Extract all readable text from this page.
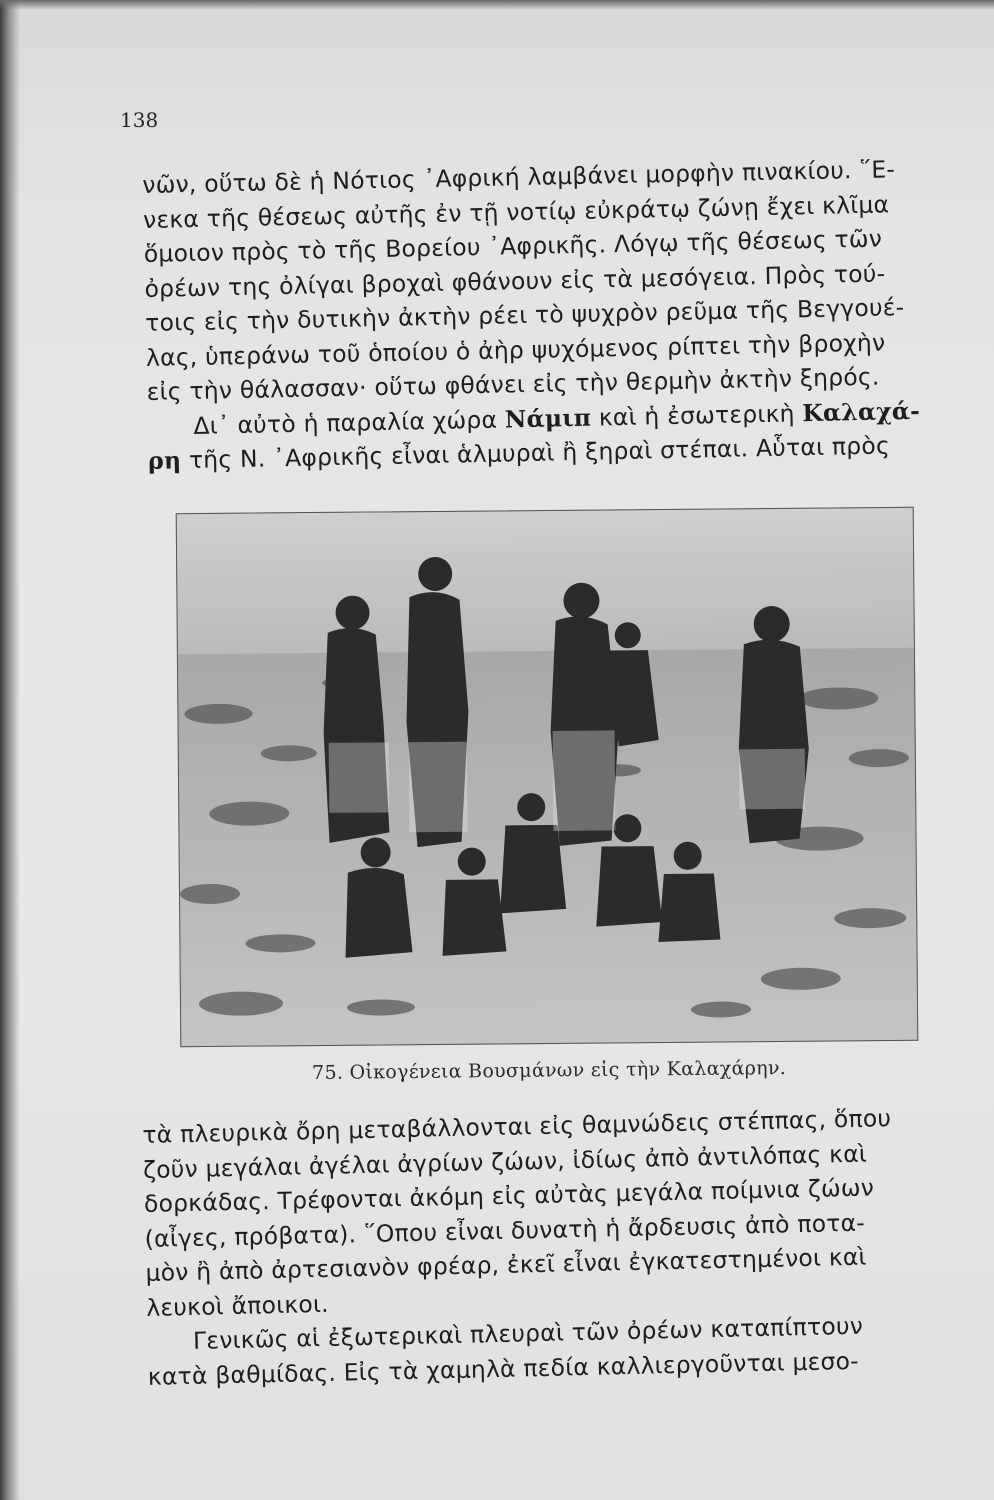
138
νῶν, οὕτω δὲ ἡ Νότιος ᾿Αφρική λαμβάνει μορφὴν πινακίου. ῞Ε-
νεκα τῆς θέσεως αὐτῆς ἐν τῇ νοτίῳ εὐκράτῳ ζώνῃ ἔχει κλῖμα
ὅμοιον πρὸς τὸ τῆς Βορείου ᾿Αφρικῆς. Λόγῳ τῆς θέσεως τῶν
ὀρέων της ὀλίγαι βροχαὶ φθάνουν εἰς τὰ μεσόγεια. Πρὸς τού-
τοις εἰς τὴν δυτικὴν ἀκτὴν ρέει τὸ ψυχρὸν ρεῦμα τῆς Βεγγουέ-
λας, ὑπεράνω τοῦ ὁποίου ὁ ἀὴρ ψυχόμενος ρίπτει τὴν βροχὴν
εἰς τὴν θάλασσαν· οὕτω φθάνει εἰς τὴν θερμὴν ἀκτὴν ξηρός.
Δι᾿ αὐτὸ ἡ παραλία χώρα Νάμιπ καὶ ἡ ἐσωτερικὴ Καλαχά-
ρη τῆς Ν. ᾿Αφρικῆς εἶναι ἁλμυραὶ ἢ ξηραὶ στέπαι. Αὗται πρὸς
75. Οἰκογένεια Βουσμάνων εἰς τὴν Καλαχάρην.
τὰ πλευρικὰ ὄρη μεταβάλλονται εἰς θαμνώδεις στέππας, ὅπου
ζοῦν μεγάλαι ἀγέλαι ἀγρίων ζώων, ἰδίως ἀπὸ ἀντιλόπας καὶ
δορκάδας. Τρέφονται ἀκόμη εἰς αὐτὰς μεγάλα ποίμνια ζώων
(αἶγες, πρόβατα). ῞Οπου εἶναι δυνατὴ ἡ ἄρδευσις ἀπὸ ποτα-
μὸν ἢ ἀπὸ ἀρτεσιανὸν φρέαρ, ἐκεῖ εἶναι ἐγκατεστημένοι καὶ
λευκοὶ ἄποικοι.
Γενικῶς αἱ ἐξωτερικαὶ πλευραὶ τῶν ὀρέων καταπίπτουν
κατὰ βαθμίδας. Εἰς τὰ χαμηλὰ πεδία καλλιεργοῦνται μεσο-
